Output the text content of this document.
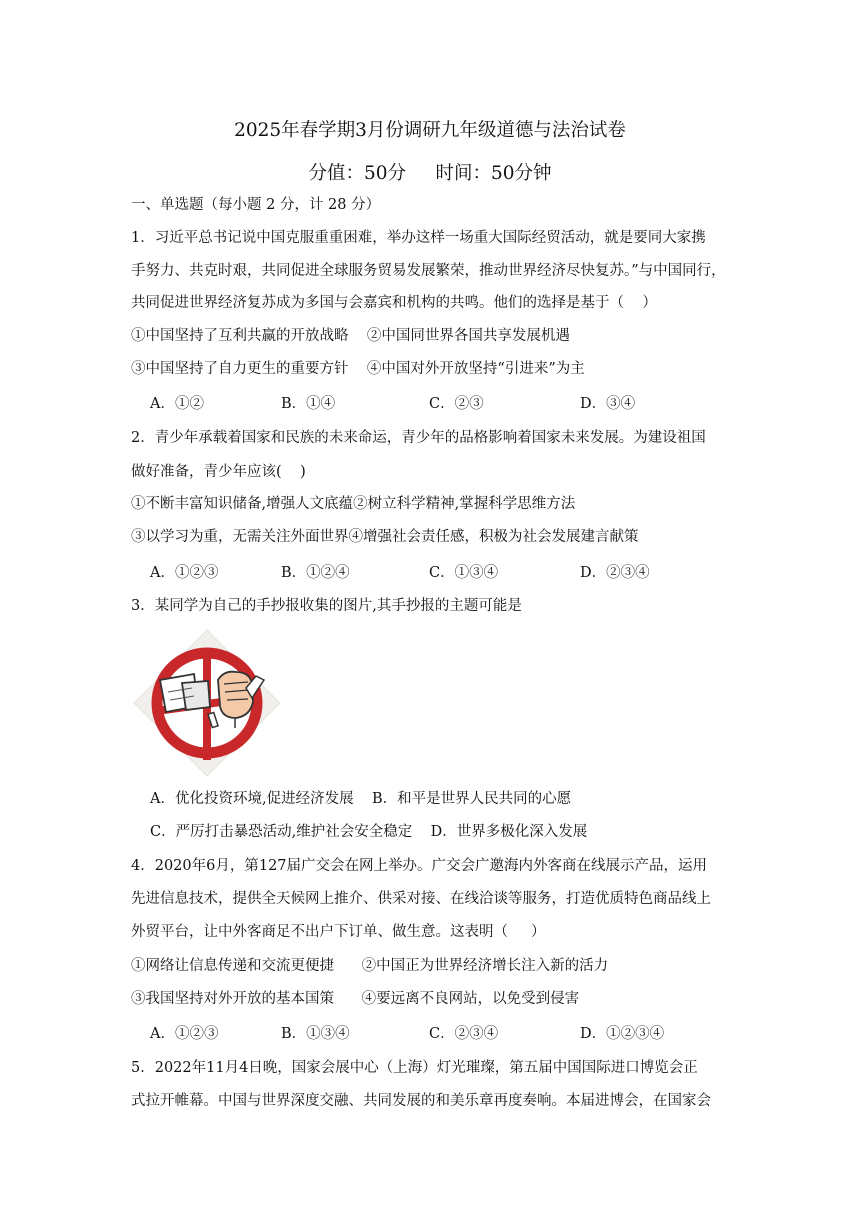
2025年春学期3月份调研九年级道德与法治试卷
分值：50分     时间：50分钟
一、单选题（每小题 2 分，计 28 分）
1．习近平总书记说中国克服重重困难，举办这样一场重大国际经贸活动，就是要同大家携
手努力、共克时艰，共同促进全球服务贸易发展繁荣，推动世界经济尽快复苏。”与中国同行，
共同促进世界经济复苏成为多国与会嘉宾和机构的共鸣。他们的选择是基于（    ）
①中国坚持了互利共赢的开放战略    ②中国同世界各国共享发展机遇
③中国坚持了自力更生的重要方针    ④中国对外开放坚持“引进来”为主
A．①②	B．①④	C．②③	D．③④
2．青少年承载着国家和民族的未来命运，青少年的品格影响着国家未来发展。为建设祖国
做好准备，青少年应该(    )
①不断丰富知识储备,增强人文底蕴②树立科学精神,掌握科学思维方法
③以学习为重，无需关注外面世界④增强社会责任感，积极为社会发展建言献策
A．①②③	B．①②④	C．①③④	D．②③④
3．某同学为自己的手抄报收集的图片,其手抄报的主题可能是
A．优化投资环境,促进经济发展    B．和平是世界人民共同的心愿
C．严厉打击暴恐活动,维护社会安全稳定    D．世界多极化深入发展
4．2020年6月，第127届广交会在网上举办。广交会广邀海内外客商在线展示产品，运用
先进信息技术，提供全天候网上推介、供采对接、在线洽谈等服务，打造优质特色商品线上
外贸平台，让中外客商足不出户下订单、做生意。这表明（     ）
①网络让信息传递和交流更便捷      ②中国正为世界经济增长注入新的活力
③我国坚持对外开放的基本国策      ④要远离不良网站，以免受到侵害
A．①②③	B．①③④	C．②③④	D．①②③④
5．2022年11月4日晚，国家会展中心（上海）灯光璀璨，第五届中国国际进口博览会正
式拉开帷幕。中国与世界深度交融、共同发展的和美乐章再度奏响。本届进博会，在国家会
